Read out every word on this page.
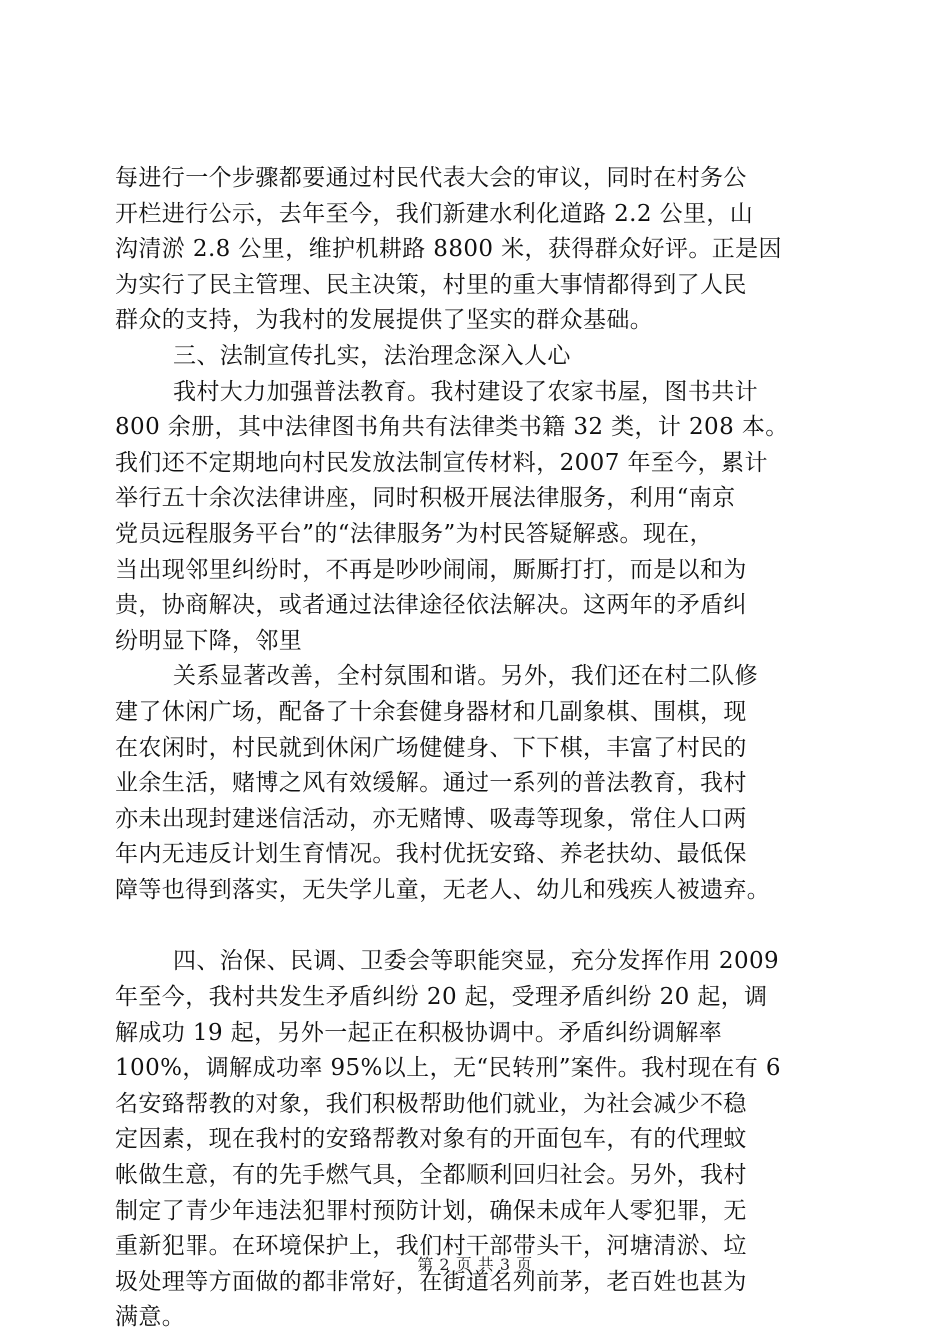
每进行一个步骤都要通过村民代表大会的审议，同时在村务公
开栏进行公示，去年至今，我们新建水利化道路 2.2 公里，山
沟清淤 2.8 公里，维护机耕路 8800 米，获得群众好评。正是因
为实行了民主管理、民主决策，村里的重大事情都得到了人民
群众的支持，为我村的发展提供了坚实的群众基础。
三、法制宣传扎实，法治理念深入人心
我村大力加强普法教育。我村建设了农家书屋，图书共计
800 余册，其中法律图书角共有法律类书籍 32 类，计 208 本。
我们还不定期地向村民发放法制宣传材料，2007 年至今，累计
举行五十余次法律讲座，同时积极开展法律服务，利用“南京
党员远程服务平台”的“法律服务”为村民答疑解惑。现在，
当出现邻里纠纷时，不再是吵吵闹闹，厮厮打打，而是以和为
贵，协商解决，或者通过法律途径依法解决。这两年的矛盾纠
纷明显下降，邻里
关系显著改善，全村氛围和谐。另外，我们还在村二队修
建了休闲广场，配备了十余套健身器材和几副象棋、围棋，现
在农闲时，村民就到休闲广场健健身、下下棋，丰富了村民的
业余生活，赌博之风有效缓解。通过一系列的普法教育，我村
亦未出现封建迷信活动，亦无赌博、吸毒等现象，常住人口两
年内无违反计划生育情况。我村优抚安臵、养老扶幼、最低保
障等也得到落实，无失学儿童，无老人、幼儿和残疾人被遗弃。
四、治保、民调、卫委会等职能突显，充分发挥作用 2009
年至今，我村共发生矛盾纠纷 20 起，受理矛盾纠纷 20 起，调
解成功 19 起，另外一起正在积极协调中。矛盾纠纷调解率
100%，调解成功率 95%以上，无“民转刑”案件。我村现在有 6
名安臵帮教的对象，我们积极帮助他们就业，为社会减少不稳
定因素，现在我村的安臵帮教对象有的开面包车，有的代理蚊
帐做生意，有的先手燃气具，全都顺利回归社会。另外，我村
制定了青少年违法犯罪村预防计划，确保未成年人零犯罪，无
重新犯罪。在环境保护上，我们村干部带头干，河塘清淤、垃
圾处理等方面做的都非常好，在街道名列前茅，老百姓也甚为
满意。
第 2 页 共 3 页
